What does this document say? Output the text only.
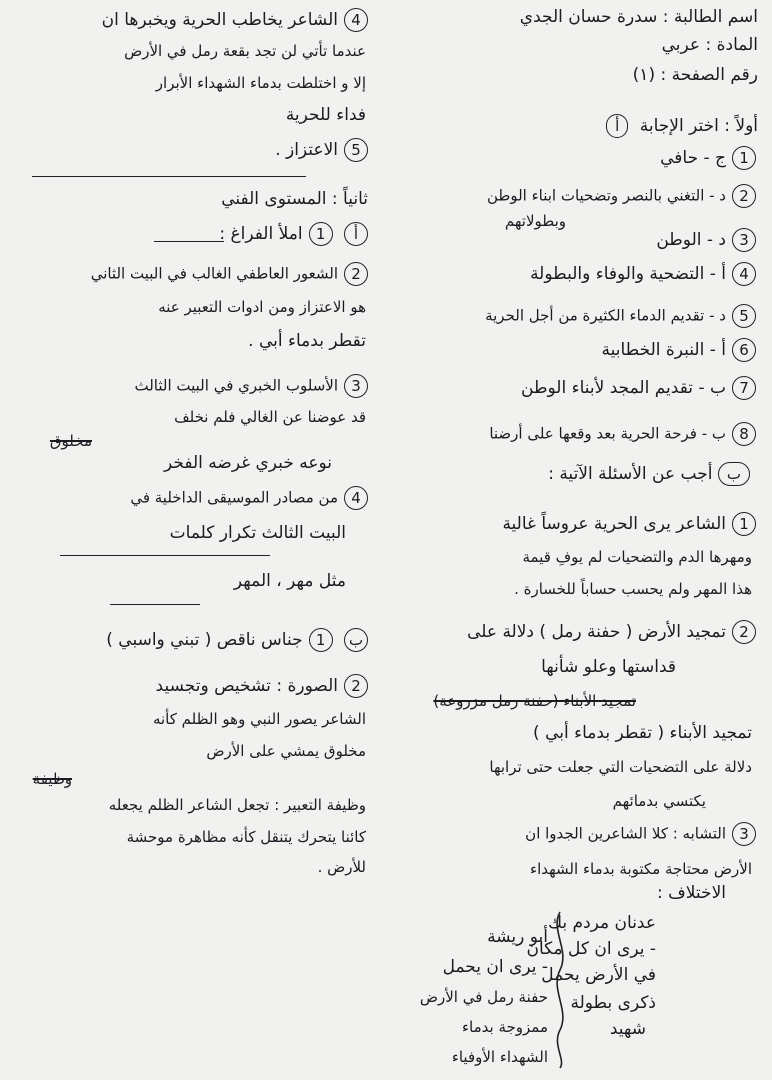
اسم الطالبة : سدرة حسان الجدي
المادة : عربي
رقم الصفحة : (١)
أولاً : اختر الإجابة أ
1ج - حافي
2د - التغني بالنصر وتضحيات ابناء الوطن
وبطولاتهم
3د - الوطن
4أ - التضحية والوفاء والبطولة
5د - تقديم الدماء الكثيرة من أجل الحرية
6أ - النبرة الخطابية
7ب - تقديم المجد لأبناء الوطن
8ب - فرحة الحرية بعد وقعها على أرضنا
ب أجب عن الأسئلة الآتية :
1الشاعر يرى الحرية عروساً غالية
ومهرها الدم والتضحيات لم يوفِ قيمة
هذا المهر ولم يحسب حساباً للخسارة .
2تمجيد الأرض ( حفنة رمل ) دلالة على
قداستها وعلو شأنها
تمجيد الأبناء (حفنة رمل مزروعة)
تمجيد الأبناء ( تقطر بدماء أبي )
دلالة على التضحيات التي جعلت حتى ترابها
يكتسي بدمائهم
3التشابه : كلا الشاعرين الجدوا ان
الأرض محتاجة مكتوبة بدماء الشهداء
الاختلاف :
عدنان مردم بك
- يرى ان كل مكان
في الأرض يحمل
ذكرى بطولة
شهيد
أبو ريشة
- يرى ان يحمل
حفنة رمل في الأرض
ممزوجة بدماء
الشهداء الأوفياء
4الشاعر يخاطب الحرية ويخبرها ان
عندما تأتي لن تجد بقعة رمل في الأرض
إلا و اختلطت بدماء الشهداء الأبرار
فداء للحرية
5الاعتزاز .
ثانياً : المستوى الفني
أ 1املأ الفراغ :
2الشعور العاطفي الغالب في البيت الثاني
هو الاعتزاز ومن ادوات التعبير عنه
تقطر بدماء أبي .
3الأسلوب الخبري في البيت الثالث
قد عوضنا عن الغالي فلم نخلف
مخلوق
نوعه خبري غرضه الفخر
4من مصادر الموسيقى الداخلية في
البيت الثالث تكرار كلمات
مثل مهر ، المهر
ب 1جناس ناقص ( تبني واسبي )
2الصورة : تشخيص وتجسيد
الشاعر يصور النبي وهو الظلم كأنه
مخلوق يمشي على الأرض
وظيفة
وظيفة التعبير : تجعل الشاعر الظلم يجعله
كائنا يتحرك يتنقل كأنه مظاهرة موحشة
للأرض .
